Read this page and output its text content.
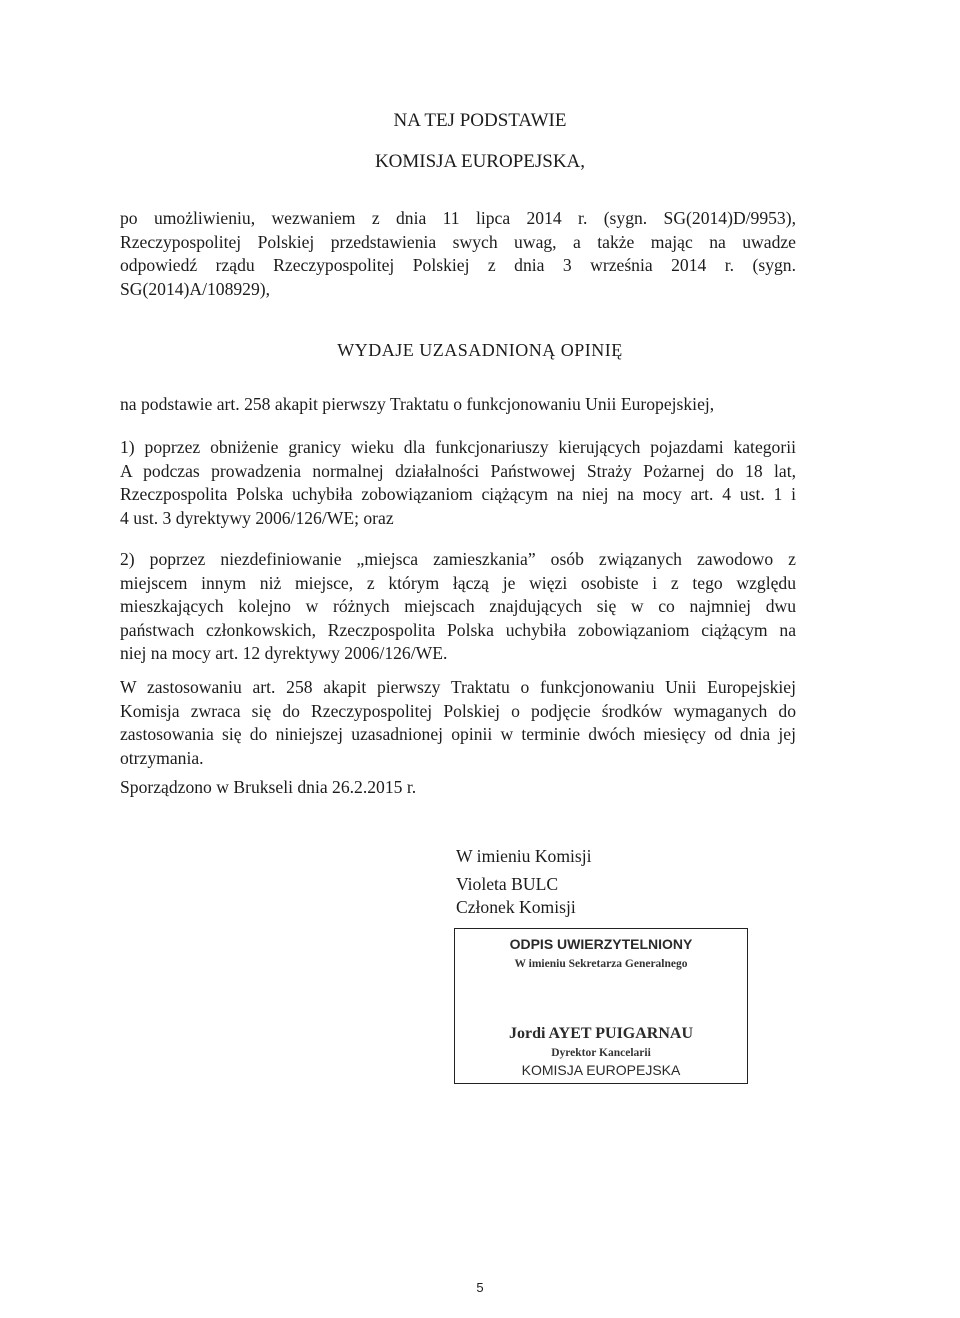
NA TEJ PODSTAWIE

KOMISJA EUROPEJSKA,

po umożliwieniu, wezwaniem z dnia 11 lipca 2014 r. (sygn. SG(2014)D/9953),
Rzeczypospolitej Polskiej przedstawienia swych uwag, a także mając na uwadze
odpowiedź rządu Rzeczypospolitej Polskiej z dnia 3 września 2014 r. (sygn.
SG(2014)A/108929),

WYDAJE UZASADNIONĄ OPINIĘ

na podstawie art. 258 akapit pierwszy Traktatu o funkcjonowaniu Unii Europejskiej,
1) poprzez obniżenie granicy wieku dla funkcjonariuszy kierujących pojazdami kategorii
A podczas prowadzenia normalnej działalności Państwowej Straży Pożarnej do 18 lat,
Rzeczpospolita Polska uchybiła zobowiązaniom ciążącym na niej na mocy art. 4 ust. 1 i
4 ust. 3 dyrektywy 2006/126/WE; oraz
2) poprzez niezdefiniowanie „miejsca zamieszkania” osób związanych zawodowo z
miejscem innym niż miejsce, z którym łączą je więzi osobiste i z tego względu
mieszkających kolejno w różnych miejscach znajdujących się w co najmniej dwu
państwach członkowskich, Rzeczpospolita Polska uchybiła zobowiązaniom ciążącym na
niej na mocy art. 12 dyrektywy 2006/126/WE.
W zastosowaniu art. 258 akapit pierwszy Traktatu o funkcjonowaniu Unii Europejskiej
Komisja zwraca się do Rzeczypospolitej Polskiej o podjęcie środków wymaganych do
zastosowania się do niniejszej uzasadnionej opinii w terminie dwóch miesięcy od dnia jej
otrzymania.
Sporządzono w Brukseli dnia 26.2.2015 r.
W imieniu Komisji
Violeta BULC
Członek Komisji
ODPIS UWIERZYTELNIONY
W imieniu Sekretarza Generalnego
Jordi AYET PUIGARNAU
Dyrektor Kancelarii
KOMISJA EUROPEJSKA
5
